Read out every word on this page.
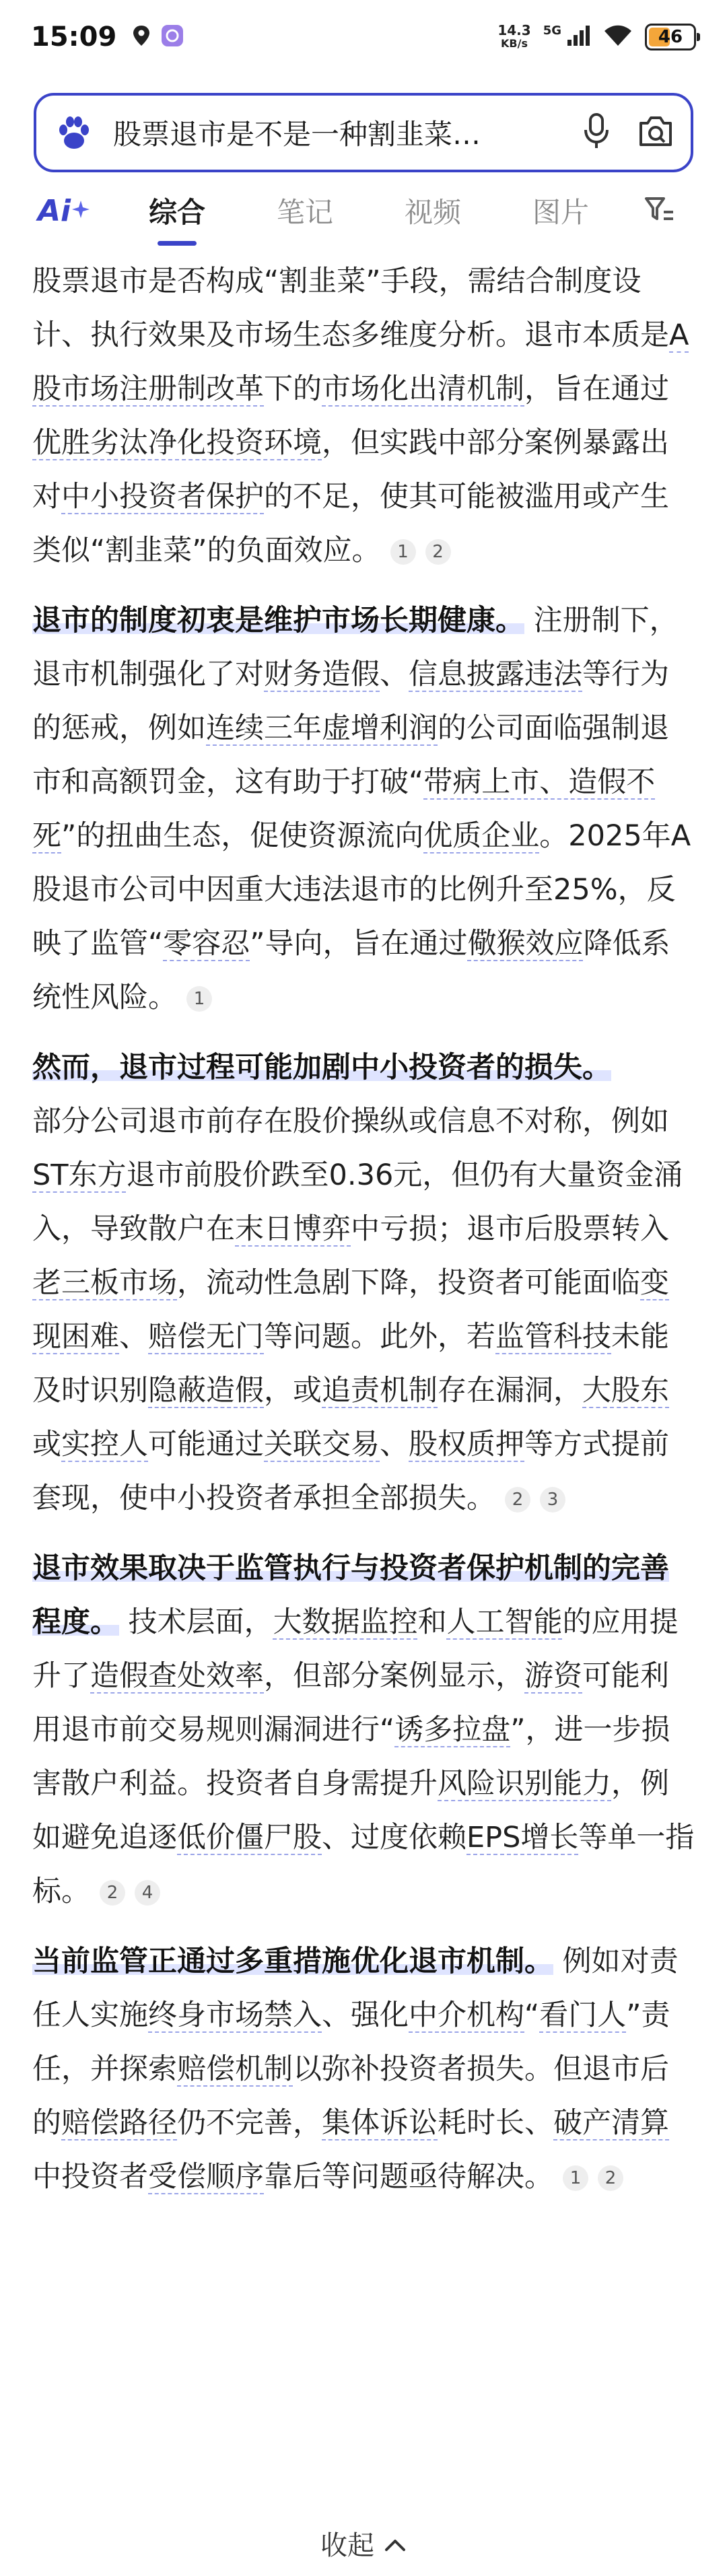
15:09	14.3
KB/s
5G	46
股票退市是不是一种割韭菜…
Ai	综合	笔记	视频	图片

股票退市是否构成“割韭菜”手段，需结合制度设计、执行效果及市场生态多维度分析。退市本质是A股市场注册制改革下的市场化出清机制，旨在通过优胜劣汰净化投资环境，但实践中部分案例暴露出对中小投资者保护的不足，使其可能被滥用或产生类似“割韭菜”的负面效应。 1 2

退市的制度初衷是维护市场长期健康。 注册制下，退市机制强化了对财务造假、信息披露违法等行为的惩戒，例如连续三年虚增利润的公司面临强制退市和高额罚金，这有助于打破“带病上市、造假不死”的扭曲生态，促使资源流向优质企业。2025年A股退市公司中因重大违法退市的比例升至25%，反映了监管“零容忍”导向，旨在通过儆猴效应降低系统性风险。 1

然而，退市过程可能加剧中小投资者的损失。
部分公司退市前存在股价操纵或信息不对称，例如ST东方退市前股价跌至0.36元，但仍有大量资金涌入，导致散户在末日博弈中亏损；退市后股票转入老三板市场，流动性急剧下降，投资者可能面临变现困难、赔偿无门等问题。此外，若监管科技未能及时识别隐蔽造假，或追责机制存在漏洞，大股东或实控人可能通过关联交易、股权质押等方式提前套现，使中小投资者承担全部损失。 2 3

退市效果取决于监管执行与投资者保护机制的完善程度。 技术层面，大数据监控和人工智能的应用提升了造假查处效率，但部分案例显示，游资可能利用退市前交易规则漏洞进行“诱多拉盘”，进一步损害散户利益。投资者自身需提升风险识别能力，例如避免追逐低价僵尸股、过度依赖EPS增长等单一指标。 2 4

当前监管正通过多重措施优化退市机制。 例如对责任人实施终身市场禁入、强化中介机构“看门人”责任，并探索赔偿机制以弥补投资者损失。但退市后的赔偿路径仍不完善，集体诉讼耗时长、破产清算中投资者受偿顺序靠后等问题亟待解决。 1 2

收起
